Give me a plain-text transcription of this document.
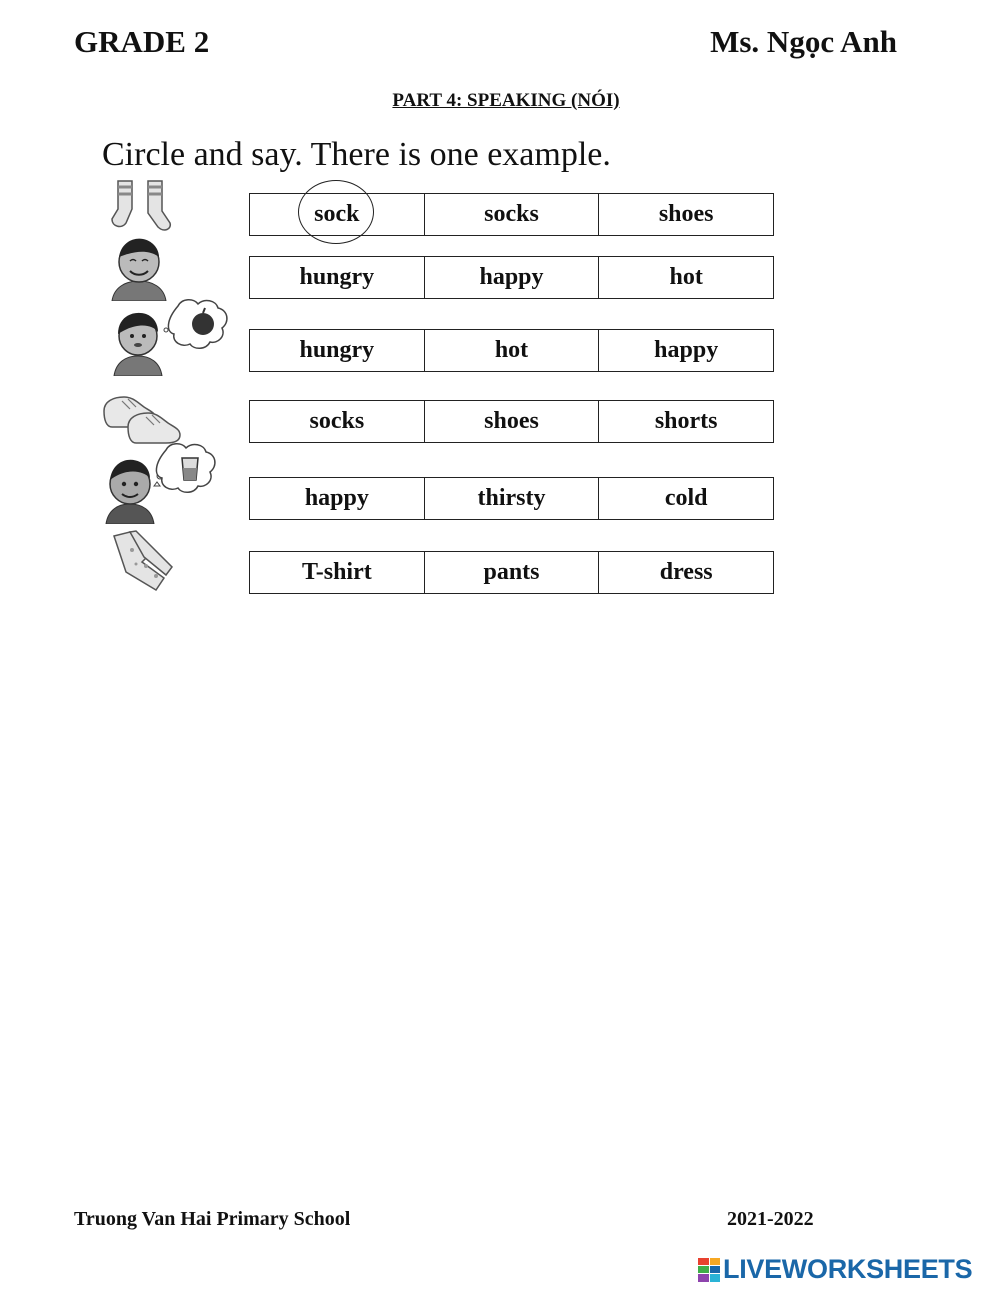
GRADE 2	Ms. Ngọc Anh
PART 4: SPEAKING (NÓI)
Circle and say. There is one example.
sock	socks	shoes
hungry	happy	hot
hungry	hot	happy
socks	shoes	shorts
happy	thirsty	cold
T-shirt	pants	dress
Truong Van Hai Primary School	2021-2022
LIVEWORKSHEETS
